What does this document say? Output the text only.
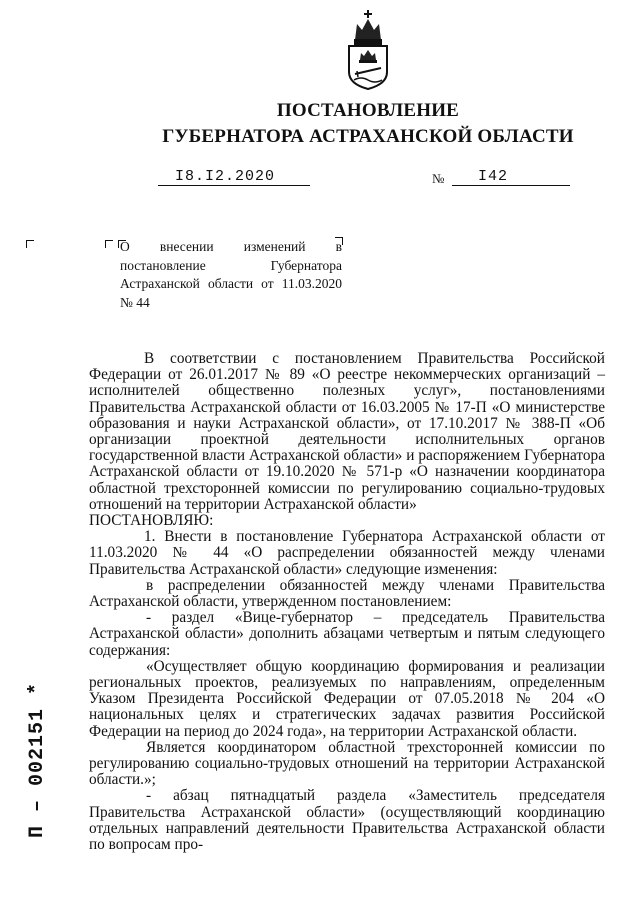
ПОСТАНОВЛЕНИЕ
ГУБЕРНАТОРА АСТРАХАНСКОЙ ОБЛАСТИ
I8.I2.2020	№ I42
О внесении изменений в постановление Губернатора Астраханской области от 11.03.2020 № 44
П – 002151 *

В соответствии с постановлением Правительства Российской Федерации от 26.01.2017 № 89 «О реестре некоммерческих организаций – исполнителей общественно полезных услуг», постановлениями Правительства Астраханской области от 16.03.2005 № 17-П «О министерстве образования и науки Астраханской области», от 17.10.2017 № 388-П «Об организации проектной деятельности исполнительных органов государственной власти Астраханской области» и распоряжением Губернатора Астраханской области от 19.10.2020 № 571-р «О назначении координатора областной трехсторонней комиссии по регулированию социально-трудовых отношений на территории Астраханской области»

ПОСТАНОВЛЯЮ:

1. Внести в постановление Губернатора Астраханской области от 11.03.2020 № 44 «О распределении обязанностей между членами Правительства Астраханской области» следующие изменения:

в распределении обязанностей между членами Правительства Астраханской области, утвержденном постановлением:

- раздел «Вице-губернатор – председатель Правительства Астраханской области» дополнить абзацами четвертым и пятым следующего содержания:

«Осуществляет общую координацию формирования и реализации региональных проектов, реализуемых по направлениям, определенным Указом Президента Российской Федерации от 07.05.2018 № 204 «О национальных целях и стратегических задачах развития Российской Федерации на период до 2024 года», на территории Астраханской области.

Является координатором областной трехсторонней комиссии по регулированию социально-трудовых отношений на территории Астраханской области.»;

- абзац пятнадцатый раздела «Заместитель председателя Правительства Астраханской области» (осуществляющий координацию отдельных направлений деятельности Правительства Астраханской области по вопросам про-
